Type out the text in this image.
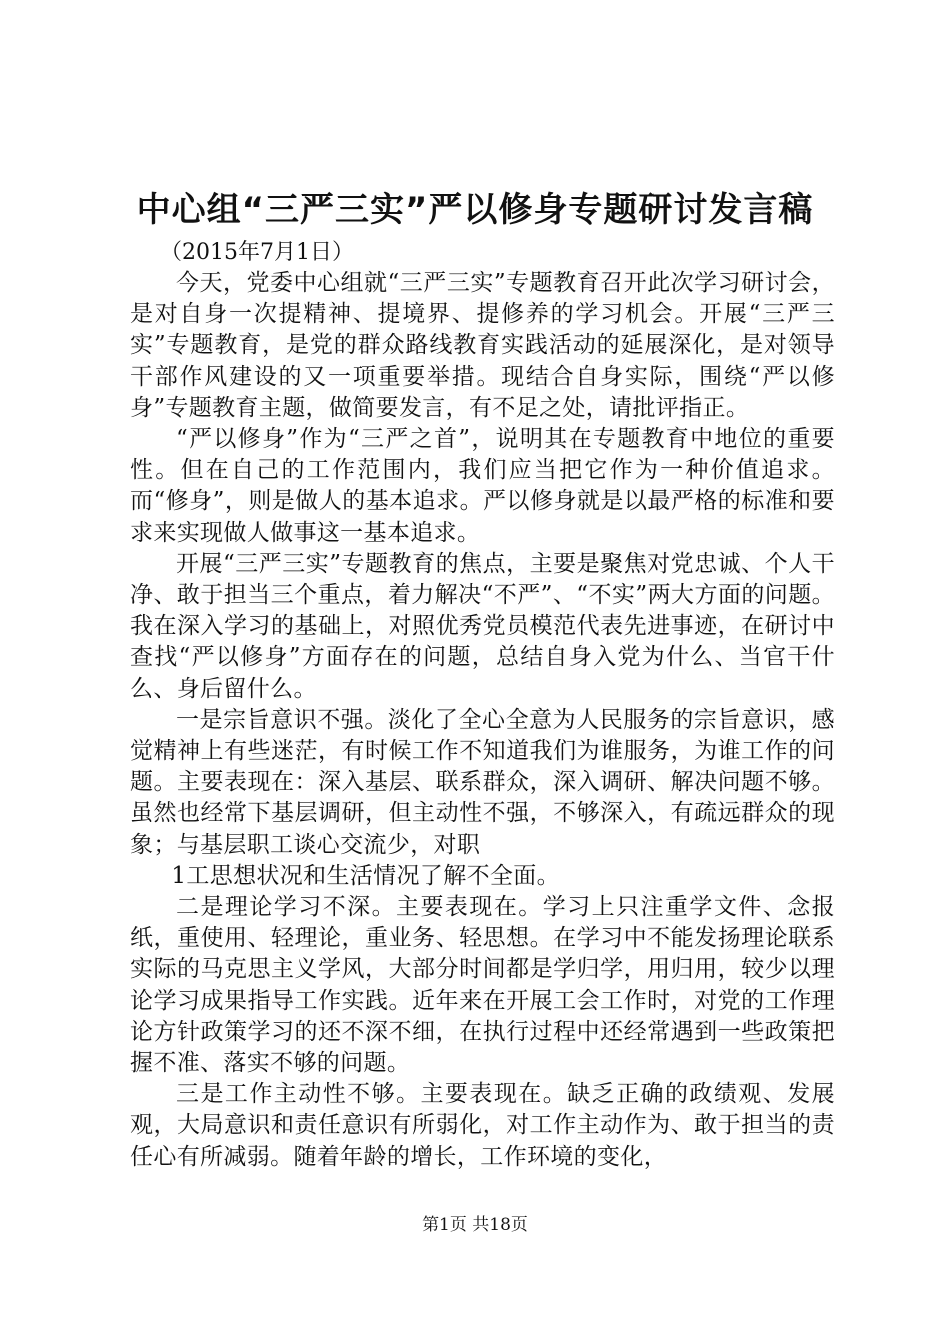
中心组“三严三实”严以修身专题研讨发言稿

（2015年7月1日）

今天，党委中心组就“三严三实”专题教育召开此次学习研讨会，是对自身一次提精神、提境界、提修养的学习机会。开展“三严三实”专题教育，是党的群众路线教育实践活动的延展深化，是对领导干部作风建设的又一项重要举措。现结合自身实际，围绕“严以修身”专题教育主题，做简要发言，有不足之处，请批评指正。

“严以修身”作为“三严之首”，说明其在专题教育中地位的重要性。但在自己的工作范围内，我们应当把它作为一种价值追求。而“修身”，则是做人的基本追求。严以修身就是以最严格的标准和要求来实现做人做事这一基本追求。

开展“三严三实”专题教育的焦点，主要是聚焦对党忠诚、个人干净、敢于担当三个重点，着力解决“不严”、“不实”两大方面的问题。我在深入学习的基础上，对照优秀党员模范代表先进事迹，在研讨中查找“严以修身”方面存在的问题，总结自身入党为什么、当官干什么、身后留什么。

一是宗旨意识不强。淡化了全心全意为人民服务的宗旨意识，感觉精神上有些迷茫，有时候工作不知道我们为谁服务，为谁工作的问题。主要表现在：深入基层、联系群众，深入调研、解决问题不够。虽然也经常下基层调研，但主动性不强，不够深入，有疏远群众的现象；与基层职工谈心交流少，对职

1工思想状况和生活情况了解不全面。

二是理论学习不深。主要表现在。学习上只注重学文件、念报纸，重使用、轻理论，重业务、轻思想。在学习中不能发扬理论联系实际的马克思主义学风，大部分时间都是学归学，用归用，较少以理论学习成果指导工作实践。近年来在开展工会工作时，对党的工作理论方针政策学习的还不深不细，在执行过程中还经常遇到一些政策把握不准、落实不够的问题。

三是工作主动性不够。主要表现在。缺乏正确的政绩观、发展观，大局意识和责任意识有所弱化，对工作主动作为、敢于担当的责任心有所减弱。随着年龄的增长，工作环境的变化，

第1页 共18页
